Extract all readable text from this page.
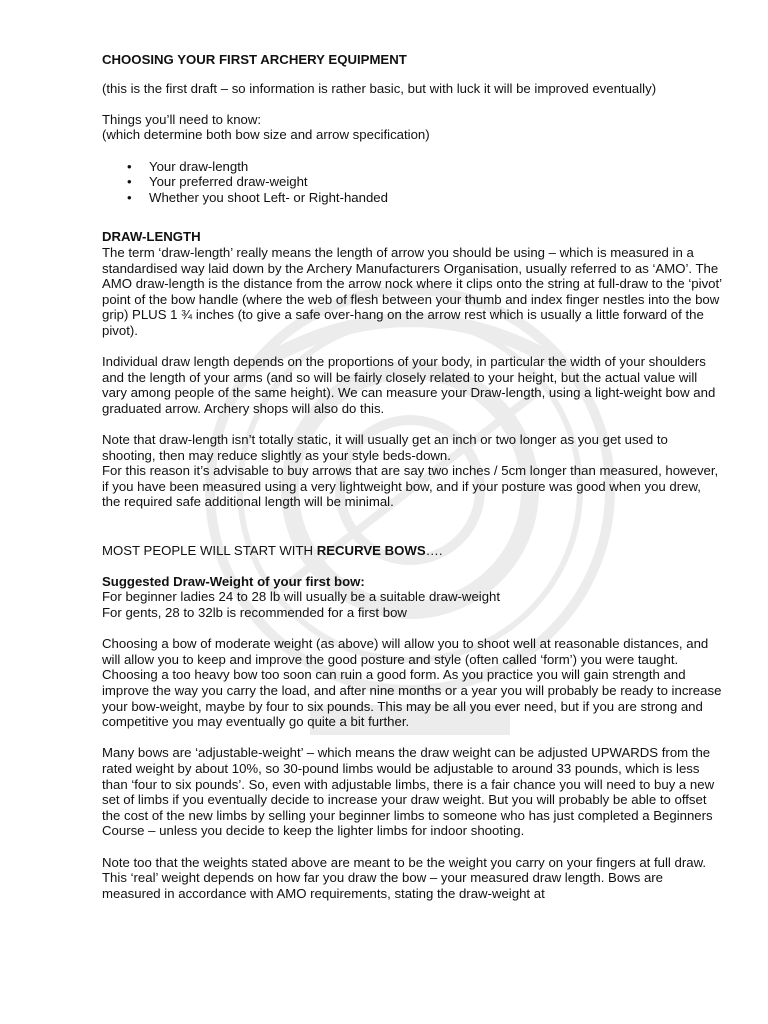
CHOOSING YOUR FIRST ARCHERY EQUIPMENT

(this is the first draft – so information is rather basic, but with luck it will be improved eventually)

Things you’ll need to know:

(which determine both bow size and arrow specification)

• Your draw-length
• Your preferred draw-weight
• Whether you shoot Left- or Right-handed

DRAW-LENGTH

The term ‘draw-length’ really means the length of arrow you should be using – which is measured in a standardised way laid down by the Archery Manufacturers Organisation, usually referred to as ‘AMO’. The AMO draw-length is the distance from the arrow nock where it clips onto the string at full-draw to the ‘pivot’ point of the bow handle (where the web of flesh between your thumb and index finger nestles into the bow grip) PLUS 1 ¾ inches (to give a safe over-hang on the arrow rest which is usually a little forward of the pivot).

Individual draw length depends on the proportions of your body, in particular the width of your shoulders and the length of your arms (and so will be fairly closely related to your height, but the actual value will vary among people of the same height). We can measure your Draw-length, using a light-weight bow and graduated arrow. Archery shops will also do this.

Note that draw-length isn’t totally static, it will usually get an inch or two longer as you get used to shooting, then may reduce slightly as your style beds-down.

For this reason it’s advisable to buy arrows that are say two inches / 5cm longer than measured, however, if you have been measured using a very lightweight bow, and if your posture was good when you drew, the required safe additional length will be minimal.

MOST PEOPLE WILL START WITH RECURVE BOWS….

Suggested Draw-Weight of your first bow:

For beginner ladies 24 to 28 lb will usually be a suitable draw-weight

For gents, 28 to 32lb is recommended for a first bow

Choosing a bow of moderate weight (as above) will allow you to shoot well at reasonable distances, and will allow you to keep and improve the good posture and style (often called ‘form’) you were taught. Choosing a too heavy bow too soon can ruin a good form. As you practice you will gain strength and improve the way you carry the load, and after nine months or a year you will probably be ready to increase your bow-weight, maybe by four to six pounds. This may be all you ever need, but if you are strong and competitive you may eventually go quite a bit further.

Many bows are ‘adjustable-weight’ – which means the draw weight can be adjusted UPWARDS from the rated weight by about 10%, so 30-pound limbs would be adjustable to around 33 pounds, which is less than ‘four to six pounds’. So, even with adjustable limbs, there is a fair chance you will need to buy a new set of limbs if you eventually decide to increase your draw weight. But you will probably be able to offset the cost of the new limbs by selling your beginner limbs to someone who has just completed a Beginners Course – unless you decide to keep the lighter limbs for indoor shooting.

Note too that the weights stated above are meant to be the weight you carry on your fingers at full draw. This ‘real’ weight depends on how far you draw the bow – your measured draw length. Bows are measured in accordance with AMO requirements, stating the draw-weight at
